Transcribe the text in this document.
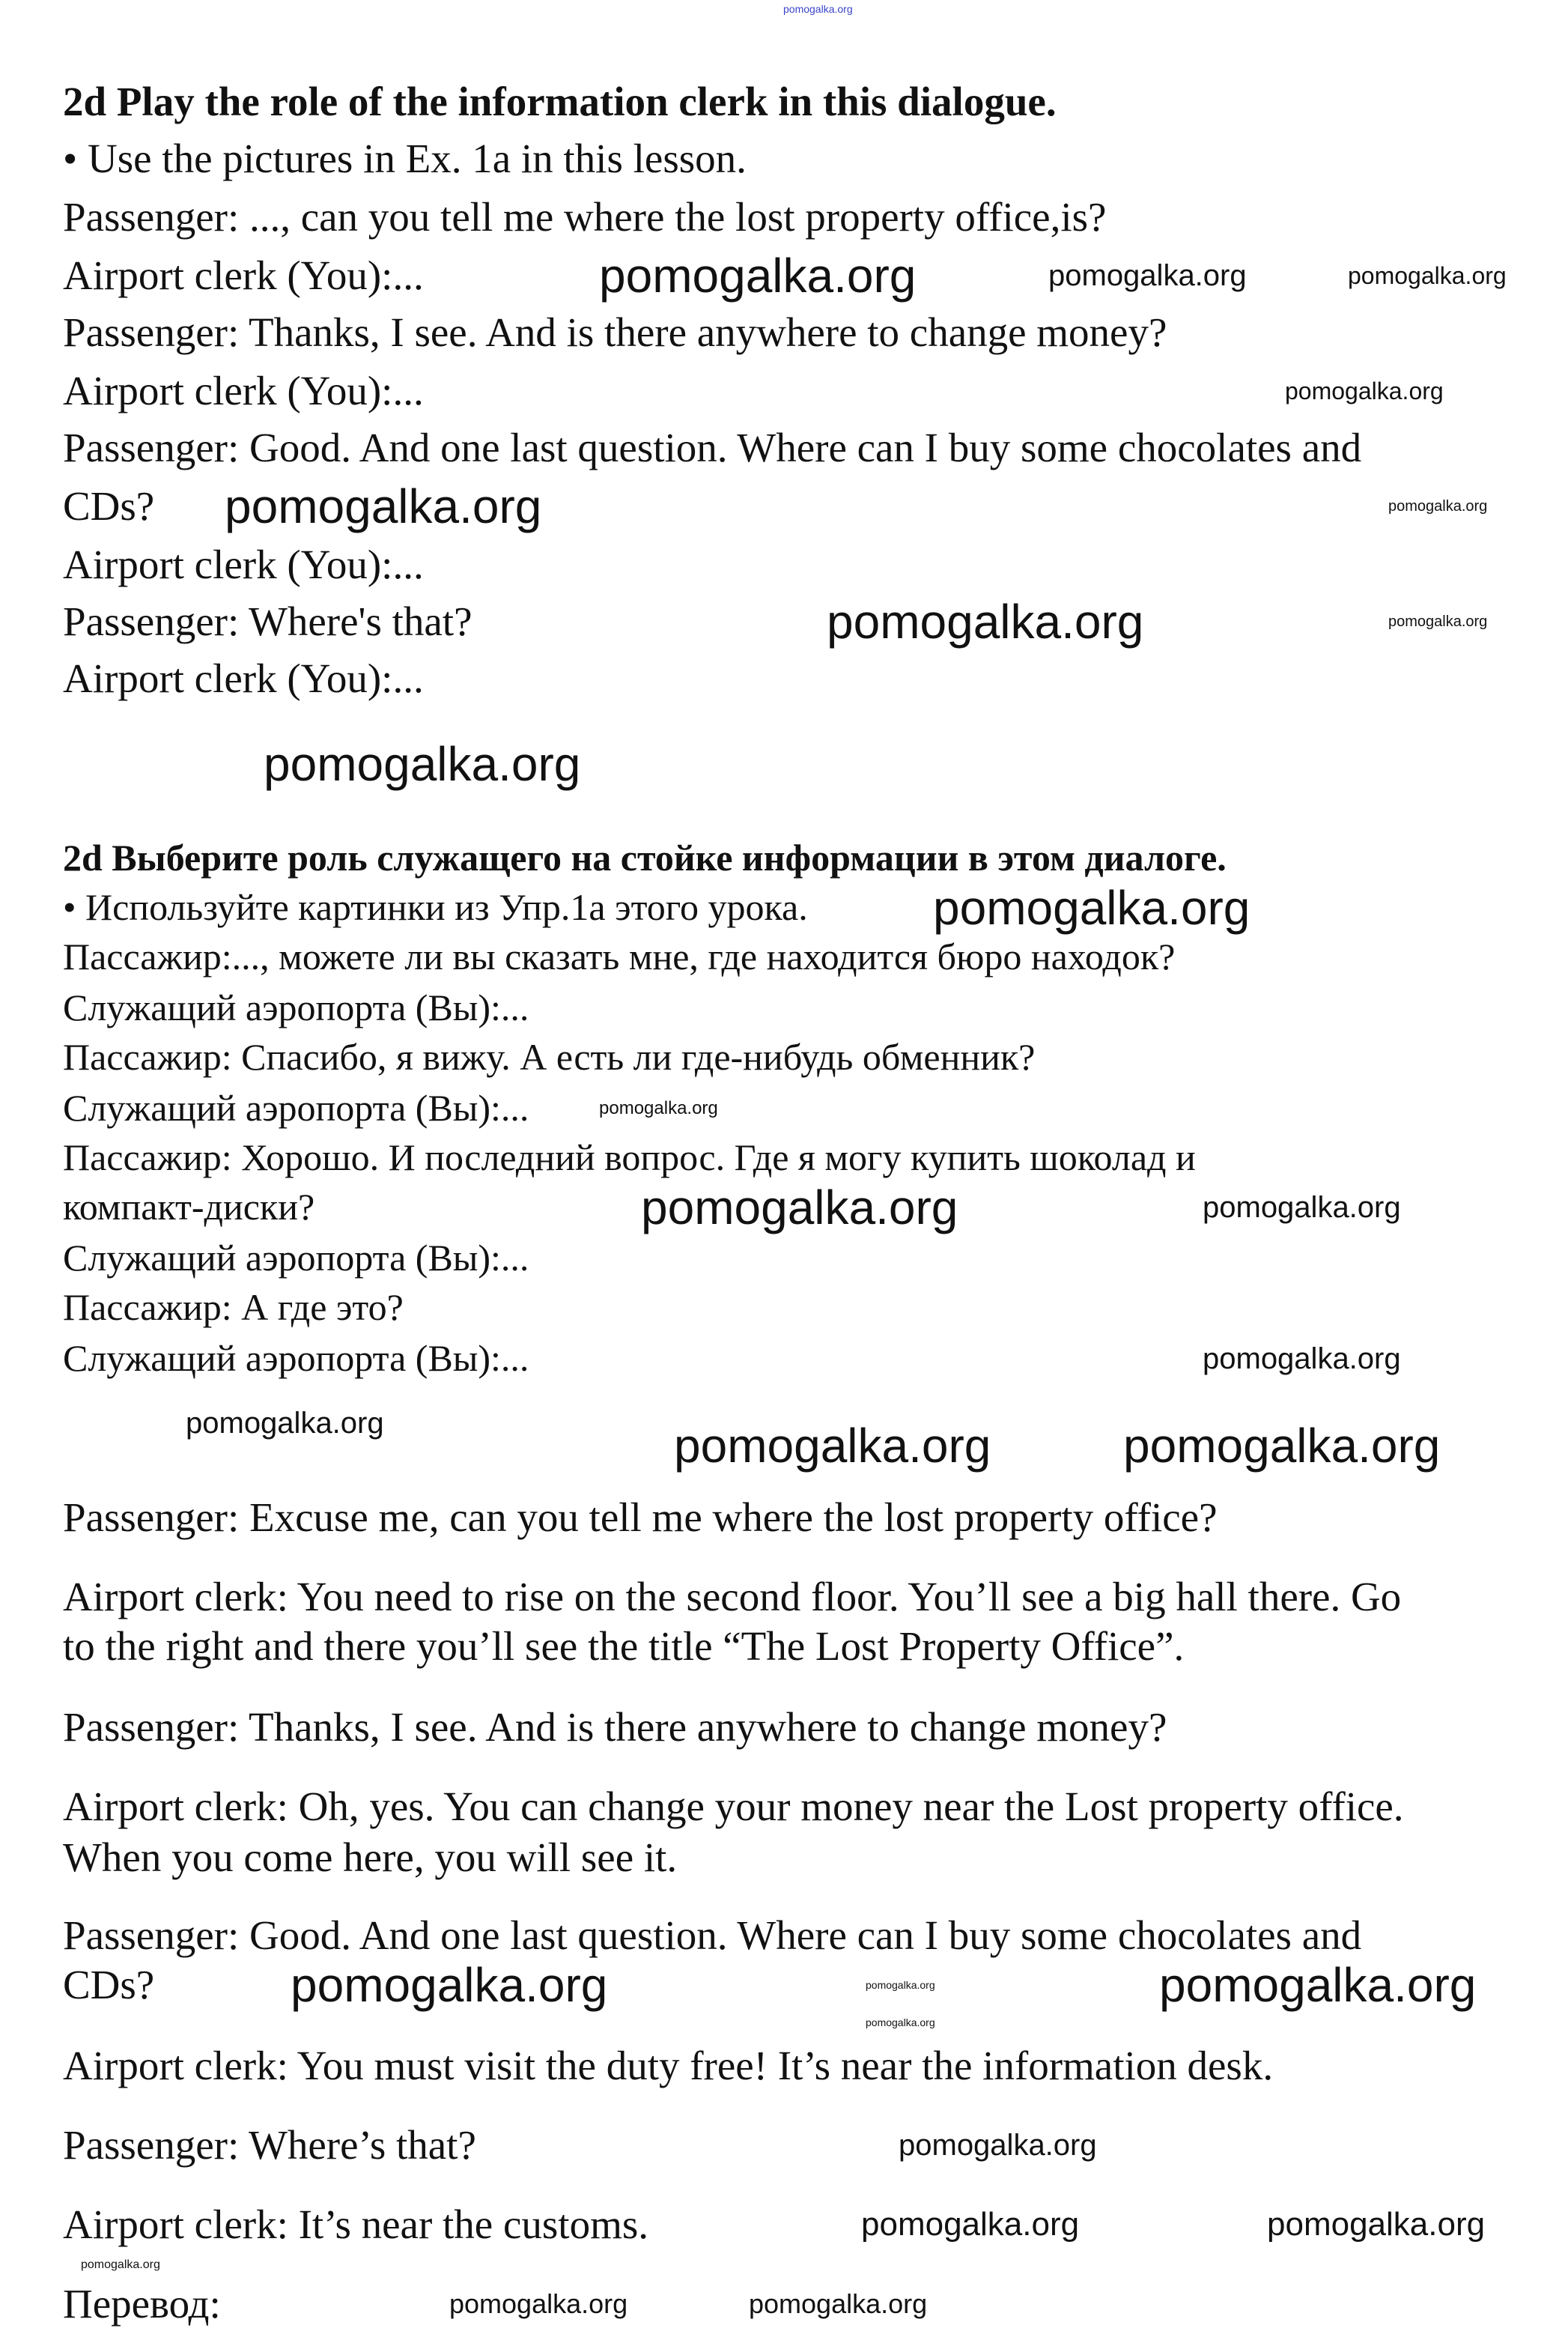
2d Play the role of the information clerk in this dialogue.
• Use the pictures in Ex. 1a in this lesson.
Passenger: ..., can you tell me where the lost property office,is?
Airport clerk (You):...
Passenger: Thanks, I see. And is there anywhere to change money?
Airport clerk (You):...
Passenger: Good. And one last question. Where can I buy some chocolates and
CDs?
Airport clerk (You):...
Passenger: Where's that?
Airport clerk (You):...
2d Выберите роль служащего на стойке информации в этом диалоге.
• Используйте картинки из Упр.1а этого урока.
Пассажир:..., можете ли вы сказать мне, где находится бюро находок?
Служащий аэропорта (Вы):...
Пассажир: Спасибо, я вижу. А есть ли где-нибудь обменник?
Служащий аэропорта (Вы):...
Пассажир: Хорошо. И последний вопрос. Где я могу купить шоколад и
компакт-диски?
Служащий аэропорта (Вы):...
Пассажир: А где это?
Служащий аэропорта (Вы):...
Passenger: Excuse me, can you tell me where the lost property office?
Airport clerk: You need to rise on the second floor. You’ll see a big hall there. Go
to the right and there you’ll see the title “The Lost Property Office”.
Passenger: Thanks, I see. And is there anywhere to change money?
Airport clerk: Oh, yes. You can change your money near the Lost property office.
When you come here, you will see it.
Passenger: Good. And one last question. Where can I buy some chocolates and
CDs?
Airport clerk: You must visit the duty free! It’s near the information desk.
Passenger: Where’s that?
Airport clerk: It’s near the customs.
Перевод:
pomogalka.org
pomogalka.org	pomogalka.org
pomogalka.org
pomogalka.org
pomogalka.org	pomogalka.org
pomogalka.org	pomogalka.org
pomogalka.org
pomogalka.org
pomogalka.org
pomogalka.org	pomogalka.org
pomogalka.org
pomogalka.org
pomogalka.org
pomogalka.org	pomogalka.org
pomogalka.org	pomogalka.org
pomogalka.org
pomogalka.org
pomogalka.org
pomogalka.org	pomogalka.org
pomogalka.org	pomogalka.org
